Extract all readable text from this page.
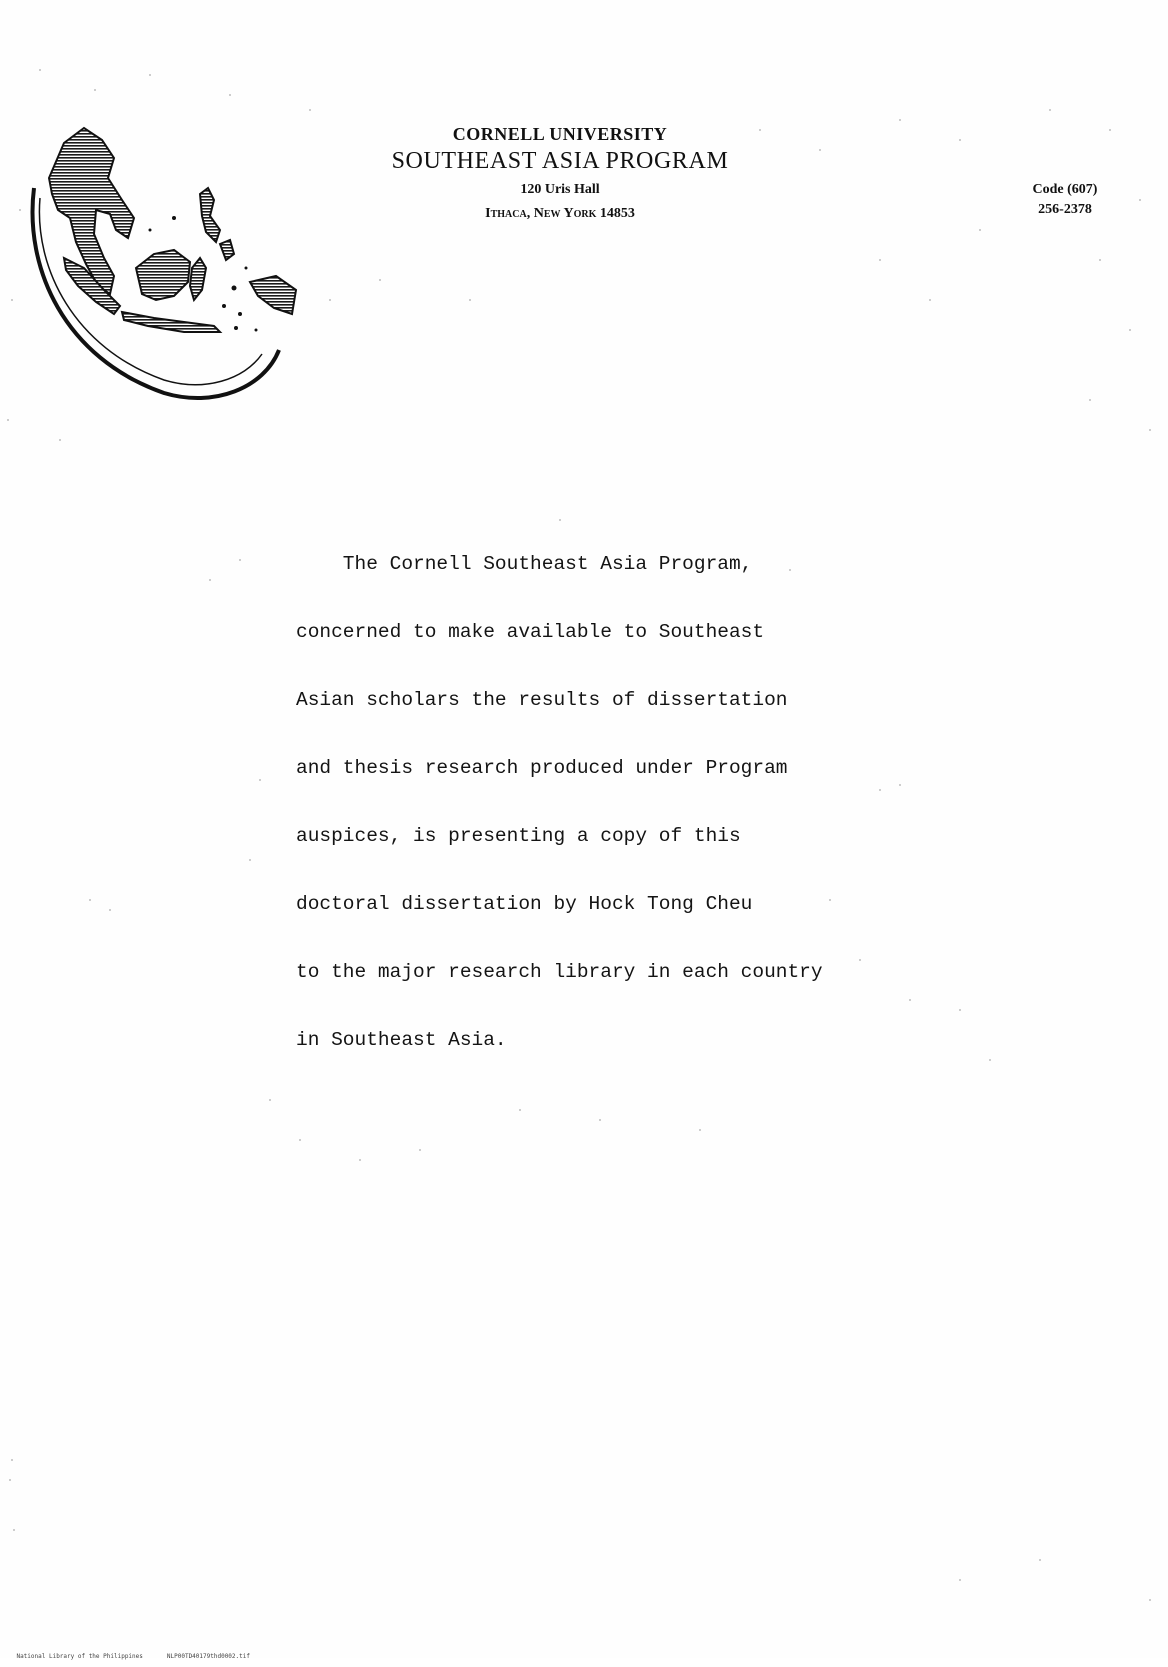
CORNELL UNIVERSITY
SOUTHEAST ASIA PROGRAM
120 Uris Hall
Ithaca, New York 14853
Code (607)
256-2378
The Cornell Southeast Asia Program,
concerned to make available to Southeast
Asian scholars the results of dissertation
and thesis research produced under Program
auspices, is presenting a copy of this
doctoral dissertation by Hock Tong Cheu
to the major research library in each country
in Southeast Asia.

National Library of the Philippines	NLP00TD40179thd0002.tif
